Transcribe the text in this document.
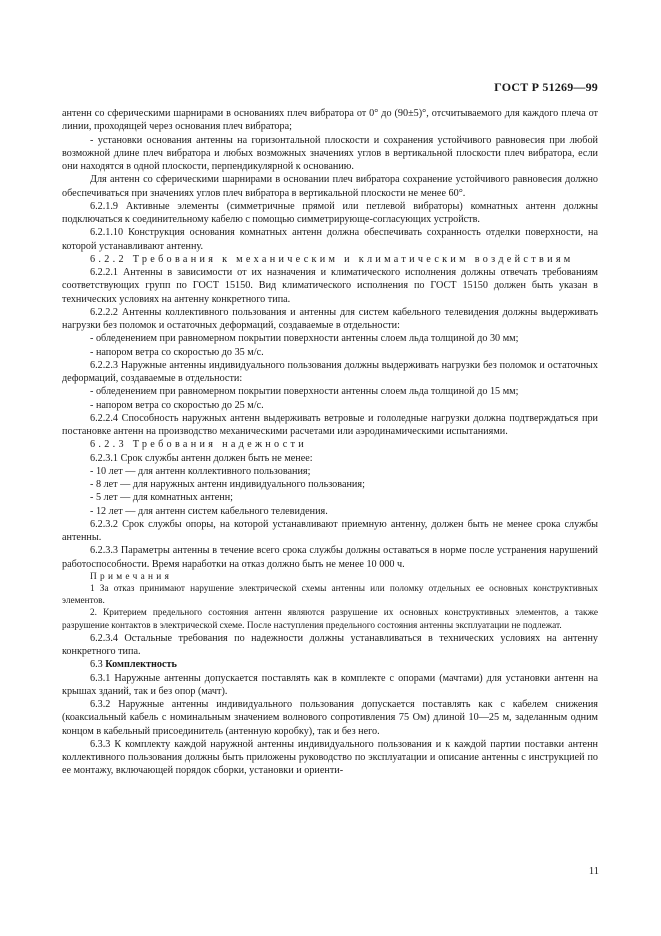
ГОСТ Р 51269—99

антенн со сферическими шарнирами в основаниях плеч вибратора от 0° до (90±5)°, отсчитываемого для каждого плеча от линии, проходящей через основания плеч вибратора;

- установки основания антенны на горизонтальной плоскости и сохранения устойчивого равновесия при любой возможной длине плеч вибратора и любых возможных значениях углов в вертикальной плоскости плеч вибратора, если они находятся в одной плоскости, перпендикулярной к основанию.

Для антенн со сферическими шарнирами в основании плеч вибратора сохранение устойчивого равновесия должно обеспечиваться при значениях углов плеч вибратора в вертикальной плоскости не менее 60°.

6.2.1.9 Активные элементы (симметричные прямой или петлевой вибраторы) комнатных антенн должны подключаться к соединительному кабелю с помощью симметрирующе-согласующих устройств.

6.2.1.10 Конструкция основания комнатных антенн должна обеспечивать сохранность отделки поверхности, на которой устанавливают антенну.

6.2.2 Требования к механическим и климатическим воздействиям

6.2.2.1 Антенны в зависимости от их назначения и климатического исполнения должны отвечать требованиям соответствующих групп по ГОСТ 15150. Вид климатического исполнения по ГОСТ 15150 должен быть указан в технических условиях на антенну конкретного типа.

6.2.2.2 Антенны коллективного пользования и антенны для систем кабельного телевидения должны выдерживать нагрузки без поломок и остаточных деформаций, создаваемые в отдельности:

- обледенением при равномерном покрытии поверхности антенны слоем льда толщиной до 30 мм;

- напором ветра со скоростью до 35 м/с.

6.2.2.3 Наружные антенны индивидуального пользования должны выдерживать нагрузки без поломок и остаточных деформаций, создаваемые в отдельности:

- обледенением при равномерном покрытии поверхности антенны слоем льда толщиной до 15 мм;

- напором ветра со скоростью до 25 м/с.

6.2.2.4 Способность наружных антенн выдерживать ветровые и гололедные нагрузки должна подтверждаться при постановке антенн на производство механическими расчетами или аэродинамическими испытаниями.

6.2.3 Требования надежности

6.2.3.1 Срок службы антенн должен быть не менее:

- 10 лет — для антенн коллективного пользования;

- 8 лет — для наружных антенн индивидуального пользования;

- 5 лет — для комнатных антенн;

- 12 лет — для антенн систем кабельного телевидения.

6.2.3.2 Срок службы опоры, на которой устанавливают приемную антенну, должен быть не менее срока службы антенны.

6.2.3.3 Параметры антенны в течение всего срока службы должны оставаться в норме после устранения нарушений работоспособности. Время наработки на отказ должно быть не менее 10 000 ч.

Примечания

1 За отказ принимают нарушение электрической схемы антенны или поломку отдельных ее основных конструктивных элементов.

2. Критерием предельного состояния антенн являются разрушение их основных конструктивных элементов, а также разрушение контактов в электрической схеме. После наступления предельного состояния антенны эксплуатации не подлежат.

6.2.3.4 Остальные требования по надежности должны устанавливаться в технических условиях на антенну конкретного типа.

6.3 Комплектность

6.3.1 Наружные антенны допускается поставлять как в комплекте с опорами (мачтами) для установки антенн на крышах зданий, так и без опор (мачт).

6.3.2 Наружные антенны индивидуального пользования допускается поставлять как с кабелем снижения (коаксиальный кабель с номинальным значением волнового сопротивления 75 Ом) длиной 10—25 м, заделанным одним концом в кабельный присоединитель (антенную коробку), так и без него.

6.3.3 К комплекту каждой наружной антенны индивидуального пользования и к каждой партии поставки антенн коллективного пользования должны быть приложены руководство по эксплуатации и описание антенны с инструкцией по ее монтажу, включающей порядок сборки, установки и ориенти-

11
